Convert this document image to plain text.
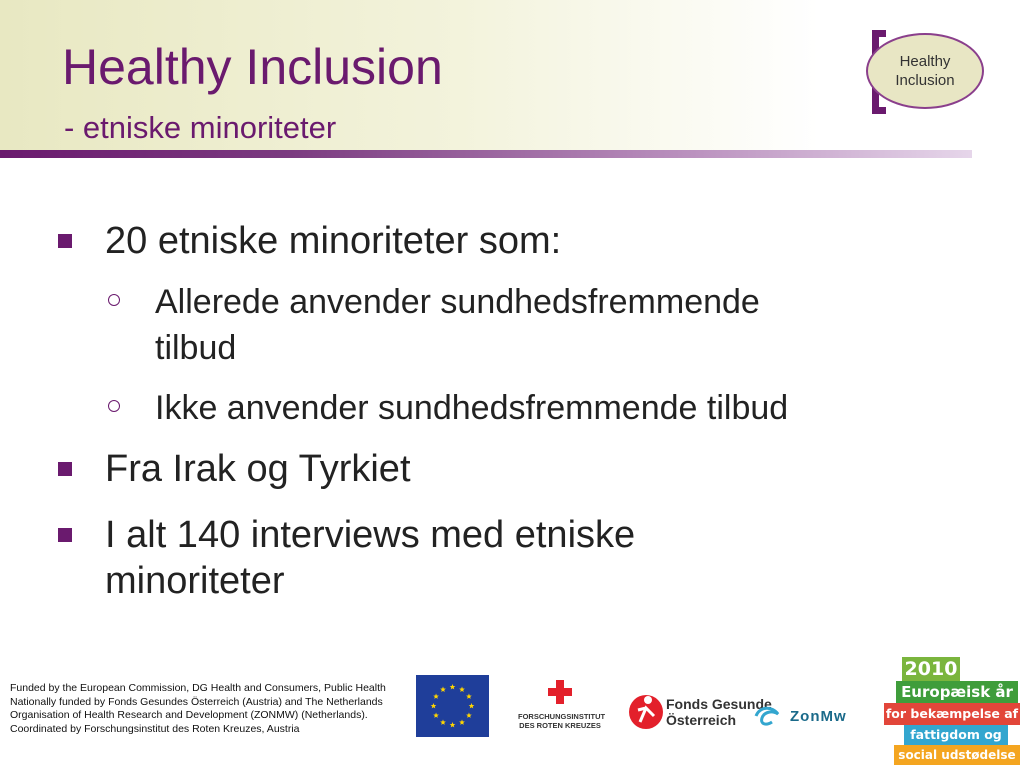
Healthy Inclusion
- etniske minoriteter
Healthy
Inclusion
20 etniske minoriteter som:
Allerede anvender sundhedsfremmende
tilbud
Ikke anvender sundhedsfremmende tilbud
Fra Irak og Tyrkiet
I alt 140 interviews med etniske
minoriteter
Funded by the European Commission, DG Health and Consumers, Public Health
Nationally funded by Fonds Gesundes Österreich (Austria) and The Netherlands Organisation of Health Research and Development (ZONMW) (Netherlands).
Coordinated by Forschungsinstitut des Roten Kreuzes, Austria
FORSCHUNGSINSTITUT
DES ROTEN KREUZES
Fonds Gesunde
Österreich	ZonMw
2010
Europæisk år
for bekæmpelse af
fattigdom og
social udstødelse
